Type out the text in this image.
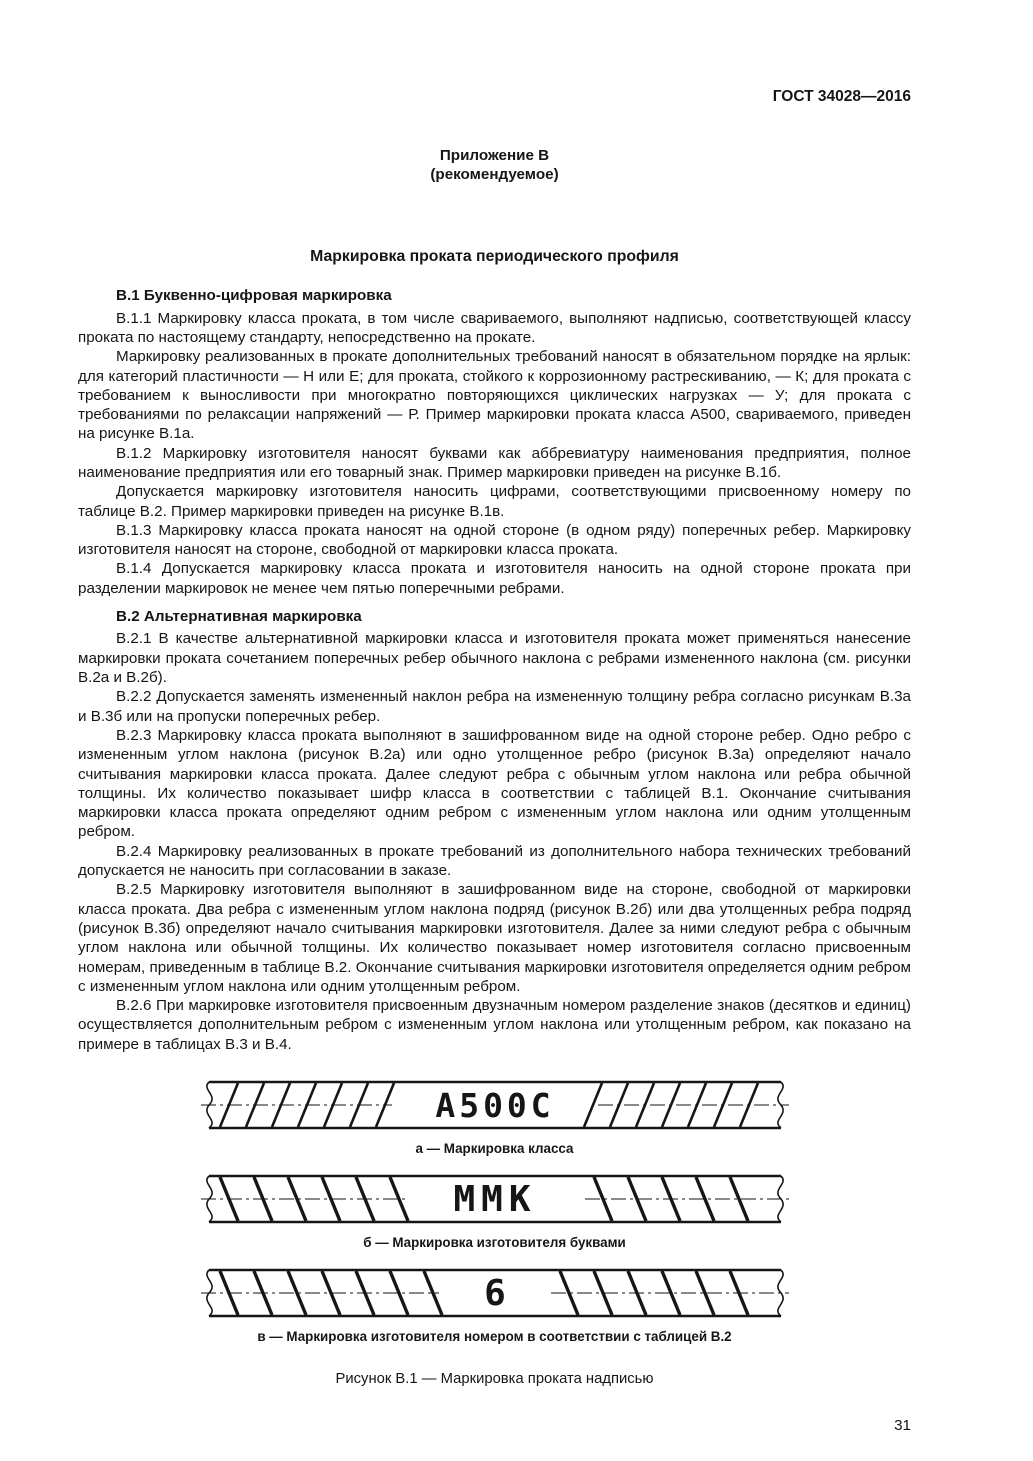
ГОСТ 34028—2016
Приложение В
(рекомендуемое)
Маркировка проката периодического профиля
В.1 Буквенно-цифровая маркировка

В.1.1 Маркировку класса проката, в том числе свариваемого, выполняют надписью, соответствующей классу проката по настоящему стандарту, непосредственно на прокате.

Маркировку реализованных в прокате дополнительных требований наносят в обязательном порядке на ярлык: для категорий пластичности — Н или Е; для проката, стойкого к коррозионному растрескиванию, — К; для проката с требованием к выносливости при многократно повторяющихся циклических нагрузках — У; для проката с требованиями по релаксации напряжений — Р. Пример маркировки проката класса А500, свариваемого, приведен на рисунке В.1а.

В.1.2 Маркировку изготовителя наносят буквами как аббревиатуру наименования предприятия, полное наименование предприятия или его товарный знак. Пример маркировки приведен на рисунке В.1б.

Допускается маркировку изготовителя наносить цифрами, соответствующими присвоенному номеру по таблице В.2. Пример маркировки приведен на рисунке В.1в.

В.1.3 Маркировку класса проката наносят на одной стороне (в одном ряду) поперечных ребер. Маркировку изготовителя наносят на стороне, свободной от маркировки класса проката.

В.1.4 Допускается маркировку класса проката и изготовителя наносить на одной стороне проката при разделении маркировок не менее чем пятью поперечными ребрами.

В.2 Альтернативная маркировка

В.2.1 В качестве альтернативной маркировки класса и изготовителя проката может применяться нанесение маркировки проката сочетанием поперечных ребер обычного наклона с ребрами измененного наклона (см. рисунки В.2а и В.2б).

В.2.2 Допускается заменять измененный наклон ребра на измененную толщину ребра согласно рисункам В.3а и В.3б или на пропуски поперечных ребер.

В.2.3 Маркировку класса проката выполняют в зашифрованном виде на одной стороне ребер. Одно ребро с измененным углом наклона (рисунок В.2а) или одно утолщенное ребро (рисунок В.3а) определяют начало считывания маркировки класса проката. Далее следуют ребра с обычным углом наклона или ребра обычной толщины. Их количество показывает шифр класса в соответствии с таблицей В.1. Окончание считывания маркировки класса проката определяют одним ребром с измененным углом наклона или одним утолщенным ребром.

В.2.4 Маркировку реализованных в прокате требований из дополнительного набора технических требований допускается не наносить при согласовании в заказе.

В.2.5 Маркировку изготовителя выполняют в зашифрованном виде на стороне, свободной от маркировки класса проката. Два ребра с измененным углом наклона подряд (рисунок В.2б) или два утолщенных ребра подряд (рисунок В.3б) определяют начало считывания маркировки изготовителя. Далее за ними следуют ребра с обычным углом наклона или обычной толщины. Их количество показывает номер изготовителя согласно присвоенным номерам, приведенным в таблице В.2. Окончание считывания маркировки изготовителя определяется одним ребром с измененным углом наклона или одним утолщенным ребром.

В.2.6 При маркировке изготовителя присвоенным двузначным номером разделение знаков (десятков и единиц) осуществляется дополнительным ребром с измененным углом наклона или утолщенным ребром, как показано на примере в таблицах В.3 и В.4.

А500С
а — Маркировка класса
ММК
б — Маркировка изготовителя буквами
6
в — Маркировка изготовителя номером в соответствии с таблицей В.2
Рисунок В.1 — Маркировка проката надписью
31
